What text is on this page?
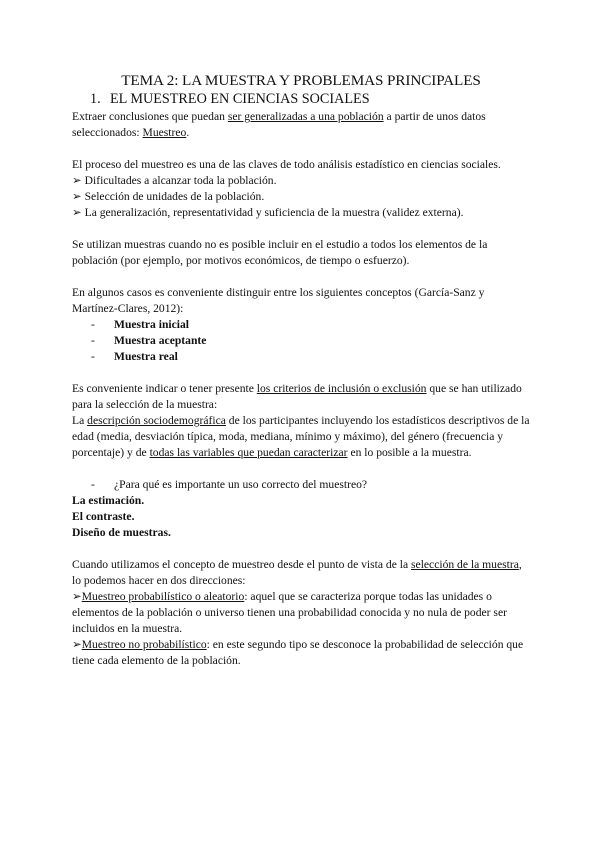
TEMA 2: LA MUESTRA Y PROBLEMAS PRINCIPALES
1. EL MUESTREO EN CIENCIAS SOCIALES

Extraer conclusiones que puedan ser generalizadas a una población a partir de unos datos seleccionados: Muestreo.

El proceso del muestreo es una de las claves de todo análisis estadístico en ciencias sociales.

➢ Dificultades a alcanzar toda la población.

➢ Selección de unidades de la población.

➢ La generalización, representatividad y suficiencia de la muestra (validez externa).

Se utilizan muestras cuando no es posible incluir en el estudio a todos los elementos de la población (por ejemplo, por motivos económicos, de tiempo o esfuerzo).

En algunos casos es conveniente distinguir entre los siguientes conceptos (García-Sanz y Martínez-Clares, 2012):

-	Muestra inicial
-	Muestra aceptante
-	Muestra real

Es conveniente indicar o tener presente los criterios de inclusión o exclusión que se han utilizado para la selección de la muestra:

La descripción sociodemográfica de los participantes incluyendo los estadísticos descriptivos de la edad (media, desviación típica, moda, mediana, mínimo y máximo), del género (frecuencia y porcentaje) y de todas las variables que puedan caracterizar en lo posible a la muestra.

-	¿Para qué es importante un uso correcto del muestreo?

La estimación.

El contraste.

Diseño de muestras.

Cuando utilizamos el concepto de muestreo desde el punto de vista de la selección de la muestra, lo podemos hacer en dos direcciones:

➢Muestreo probabilístico o aleatorio: aquel que se caracteriza porque todas las unidades o elementos de la población o universo tienen una probabilidad conocida y no nula de poder ser incluidos en la muestra.

➢Muestreo no probabilístico: en este segundo tipo se desconoce la probabilidad de selección que tiene cada elemento de la población.
